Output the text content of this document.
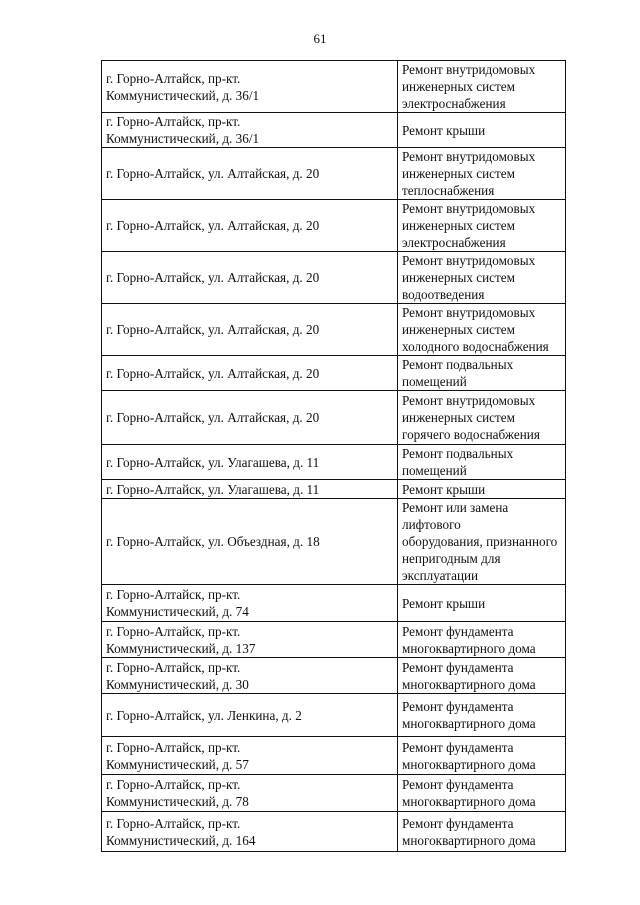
61
г. Горно-Алтайск, пр-кт.
Коммунистический, д. 36/1	Ремонт внутридомовых
инженерных систем
электроснабжения

г. Горно-Алтайск, пр-кт.
Коммунистический, д. 36/1	Ремонт крыши

г. Горно-Алтайск, ул. Алтайская, д. 20	Ремонт внутридомовых
инженерных систем
теплоснабжения

г. Горно-Алтайск, ул. Алтайская, д. 20	Ремонт внутридомовых
инженерных систем
электроснабжения

г. Горно-Алтайск, ул. Алтайская, д. 20	Ремонт внутридомовых
инженерных систем
водоотведения

г. Горно-Алтайск, ул. Алтайская, д. 20	Ремонт внутридомовых
инженерных систем
холодного водоснабжения

г. Горно-Алтайск, ул. Алтайская, д. 20	Ремонт подвальных
помещений

г. Горно-Алтайск, ул. Алтайская, д. 20	Ремонт внутридомовых
инженерных систем
горячего водоснабжения

г. Горно-Алтайск, ул. Улагашева, д. 11	Ремонт подвальных
помещений

г. Горно-Алтайск, ул. Улагашева, д. 11	Ремонт крыши

г. Горно-Алтайск, ул. Объездная, д. 18	Ремонт или замена
лифтового
оборудования, признанного
непригодным для эксплуатации

г. Горно-Алтайск, пр-кт.
Коммунистический, д. 74	Ремонт крыши

г. Горно-Алтайск, пр-кт.
Коммунистический, д. 137	Ремонт фундамента
многоквартирного дома

г. Горно-Алтайск, пр-кт.
Коммунистический, д. 30	Ремонт фундамента
многоквартирного дома

г. Горно-Алтайск, ул. Ленкина, д. 2	Ремонт фундамента
многоквартирного дома

г. Горно-Алтайск, пр-кт.
Коммунистический, д. 57	Ремонт фундамента
многоквартирного дома

г. Горно-Алтайск, пр-кт.
Коммунистический, д. 78	Ремонт фундамента
многоквартирного дома

г. Горно-Алтайск, пр-кт.
Коммунистический, д. 164	Ремонт фундамента
многоквартирного дома
